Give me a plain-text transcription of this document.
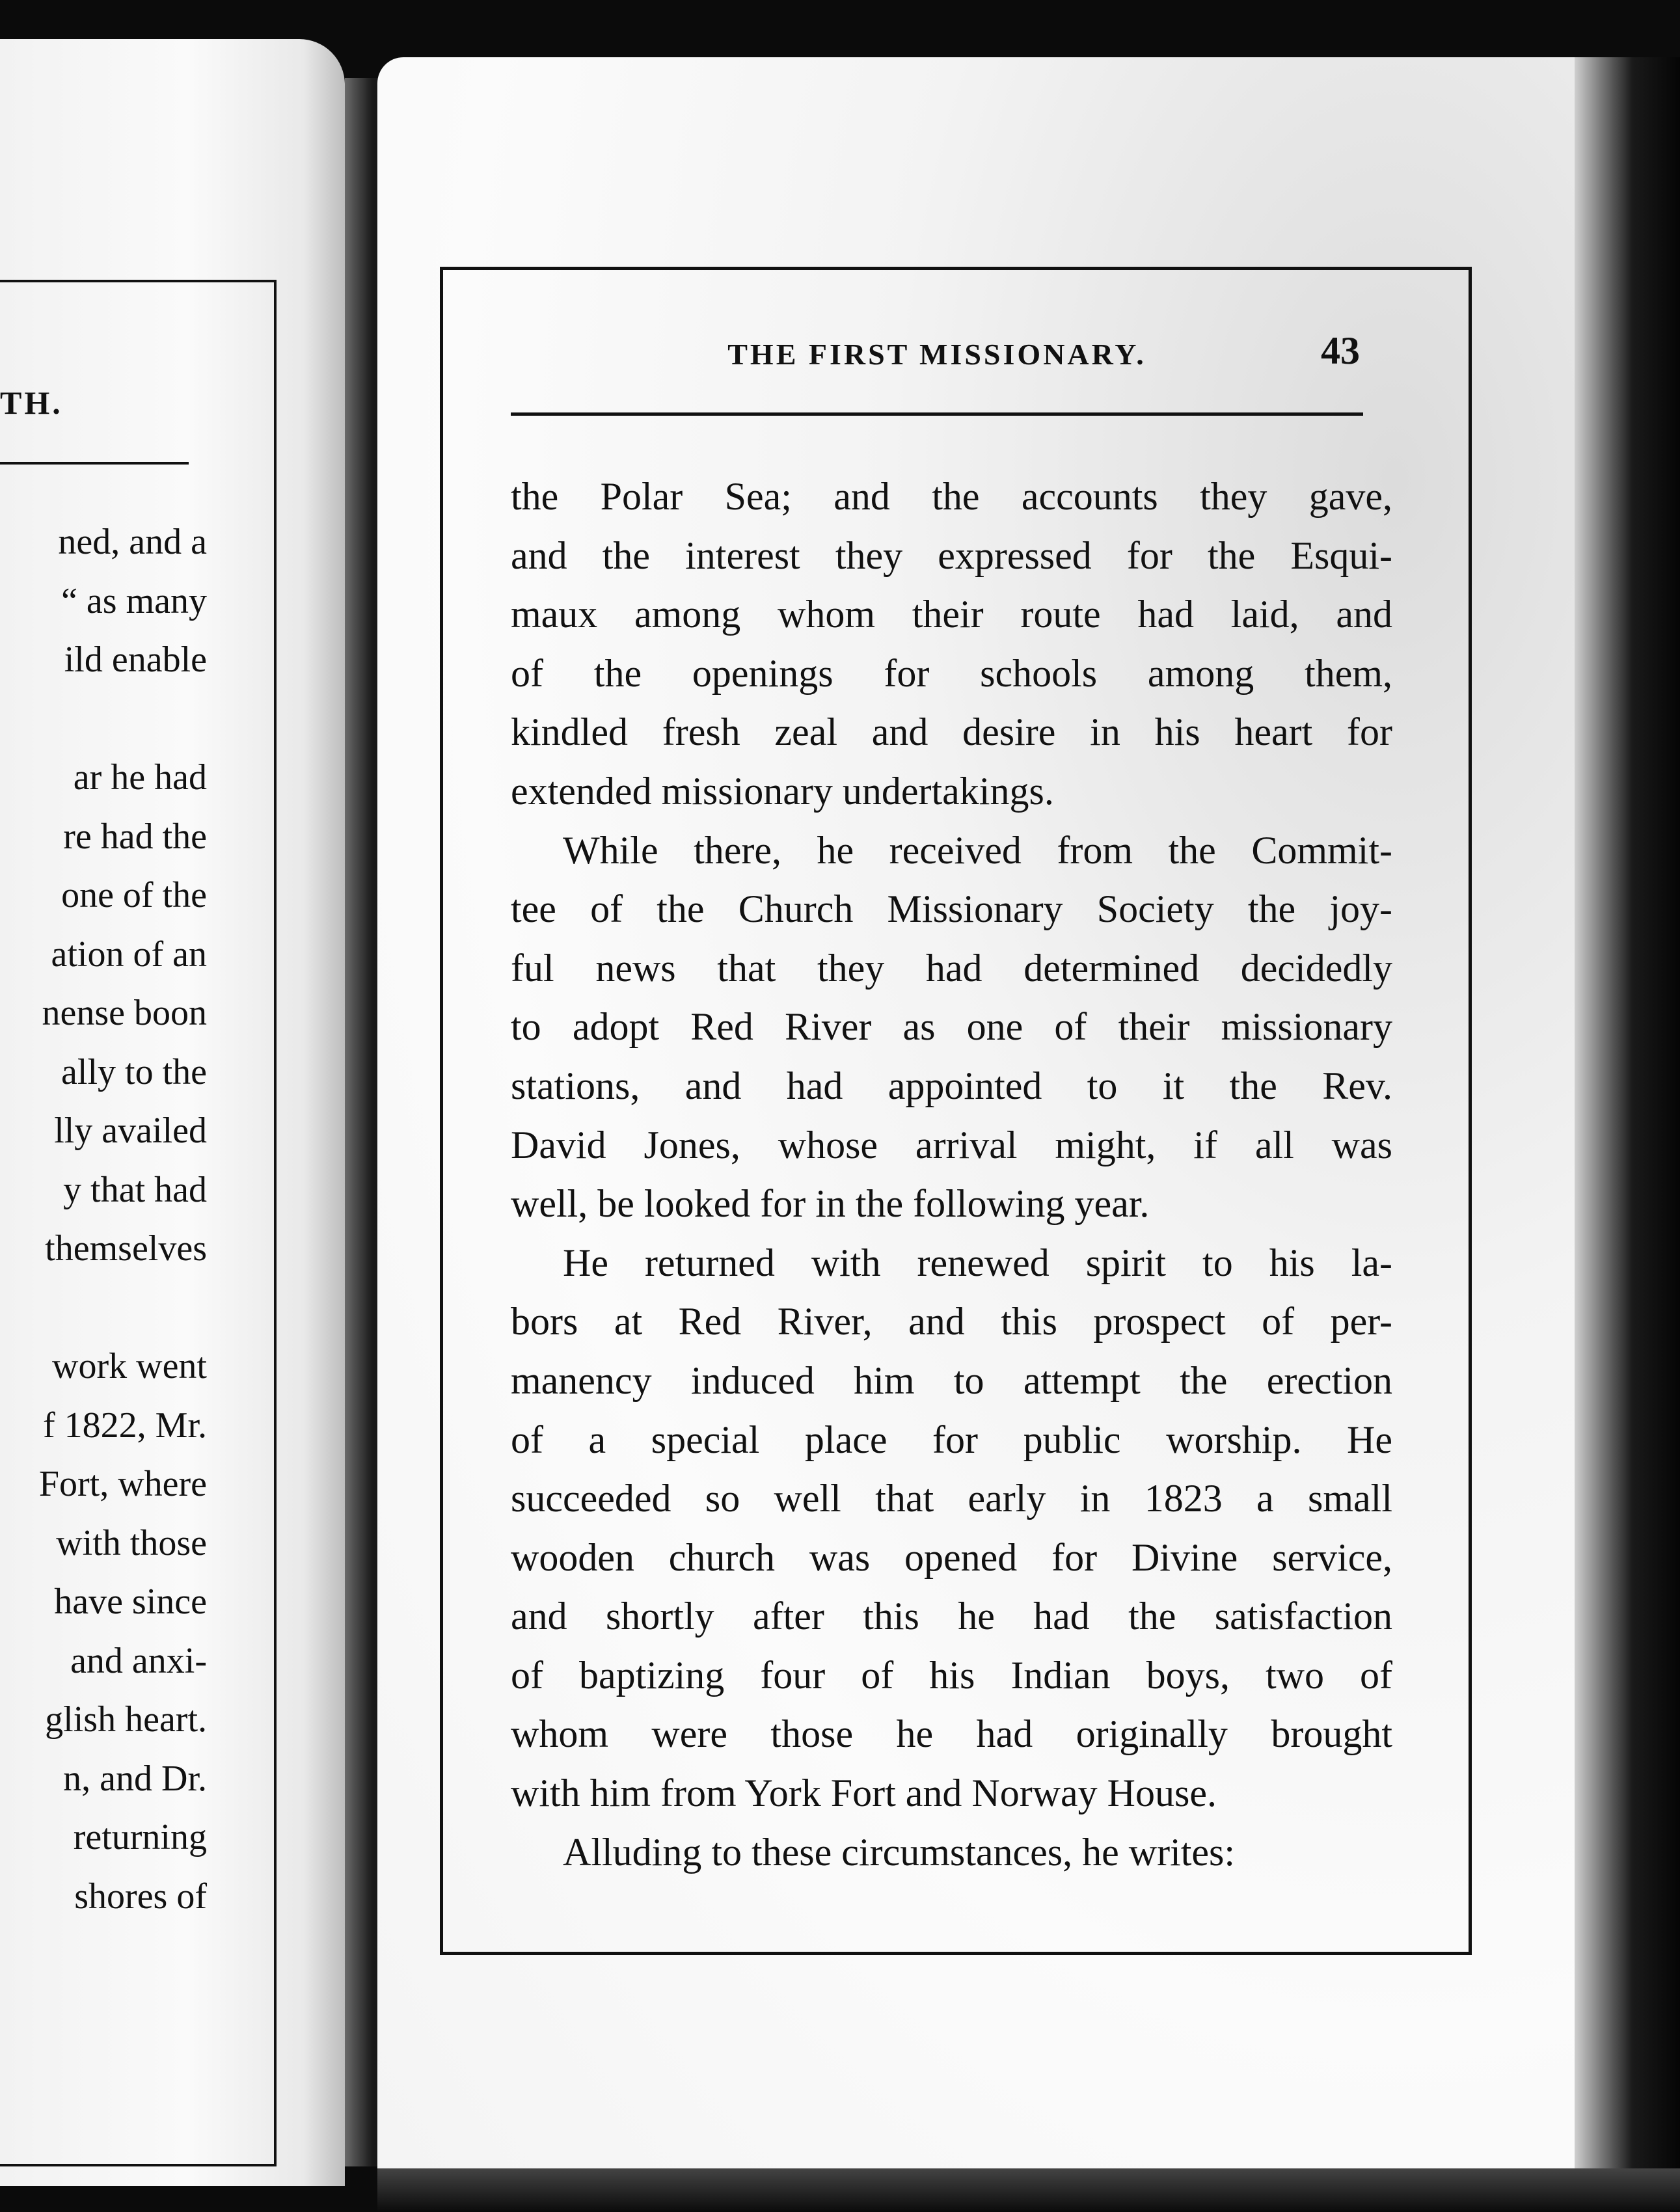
TH.
ned, and a
“ as many
ild enable
ar he had
re had the
one of the
ation of an
nense boon
ally to the
lly availed
y that had
themselves
work went
f 1822, Mr.
Fort, where
with those
have since
and anxi-
glish heart.
n, and Dr.
returning
shores of
THE FIRST MISSIONARY.	43
the Polar Sea; and the accounts they gave,
and the interest they expressed for the Esqui-
maux among whom their route had laid, and
of the openings for schools among them,
kindled fresh zeal and desire in his heart for
extended missionary undertakings.
While there, he received from the Commit-
tee of the Church Missionary Society the joy-
ful news that they had determined decidedly
to adopt Red River as one of their missionary
stations, and had appointed to it the Rev.
David Jones, whose arrival might, if all was
well, be looked for in the following year.
He returned with renewed spirit to his la-
bors at Red River, and this prospect of per-
manency induced him to attempt the erection
of a special place for public worship. He
succeeded so well that early in 1823 a small
wooden church was opened for Divine service,
and shortly after this he had the satisfaction
of baptizing four of his Indian boys, two of
whom were those he had originally brought
with him from York Fort and Norway House.
Alluding to these circumstances, he writes:
